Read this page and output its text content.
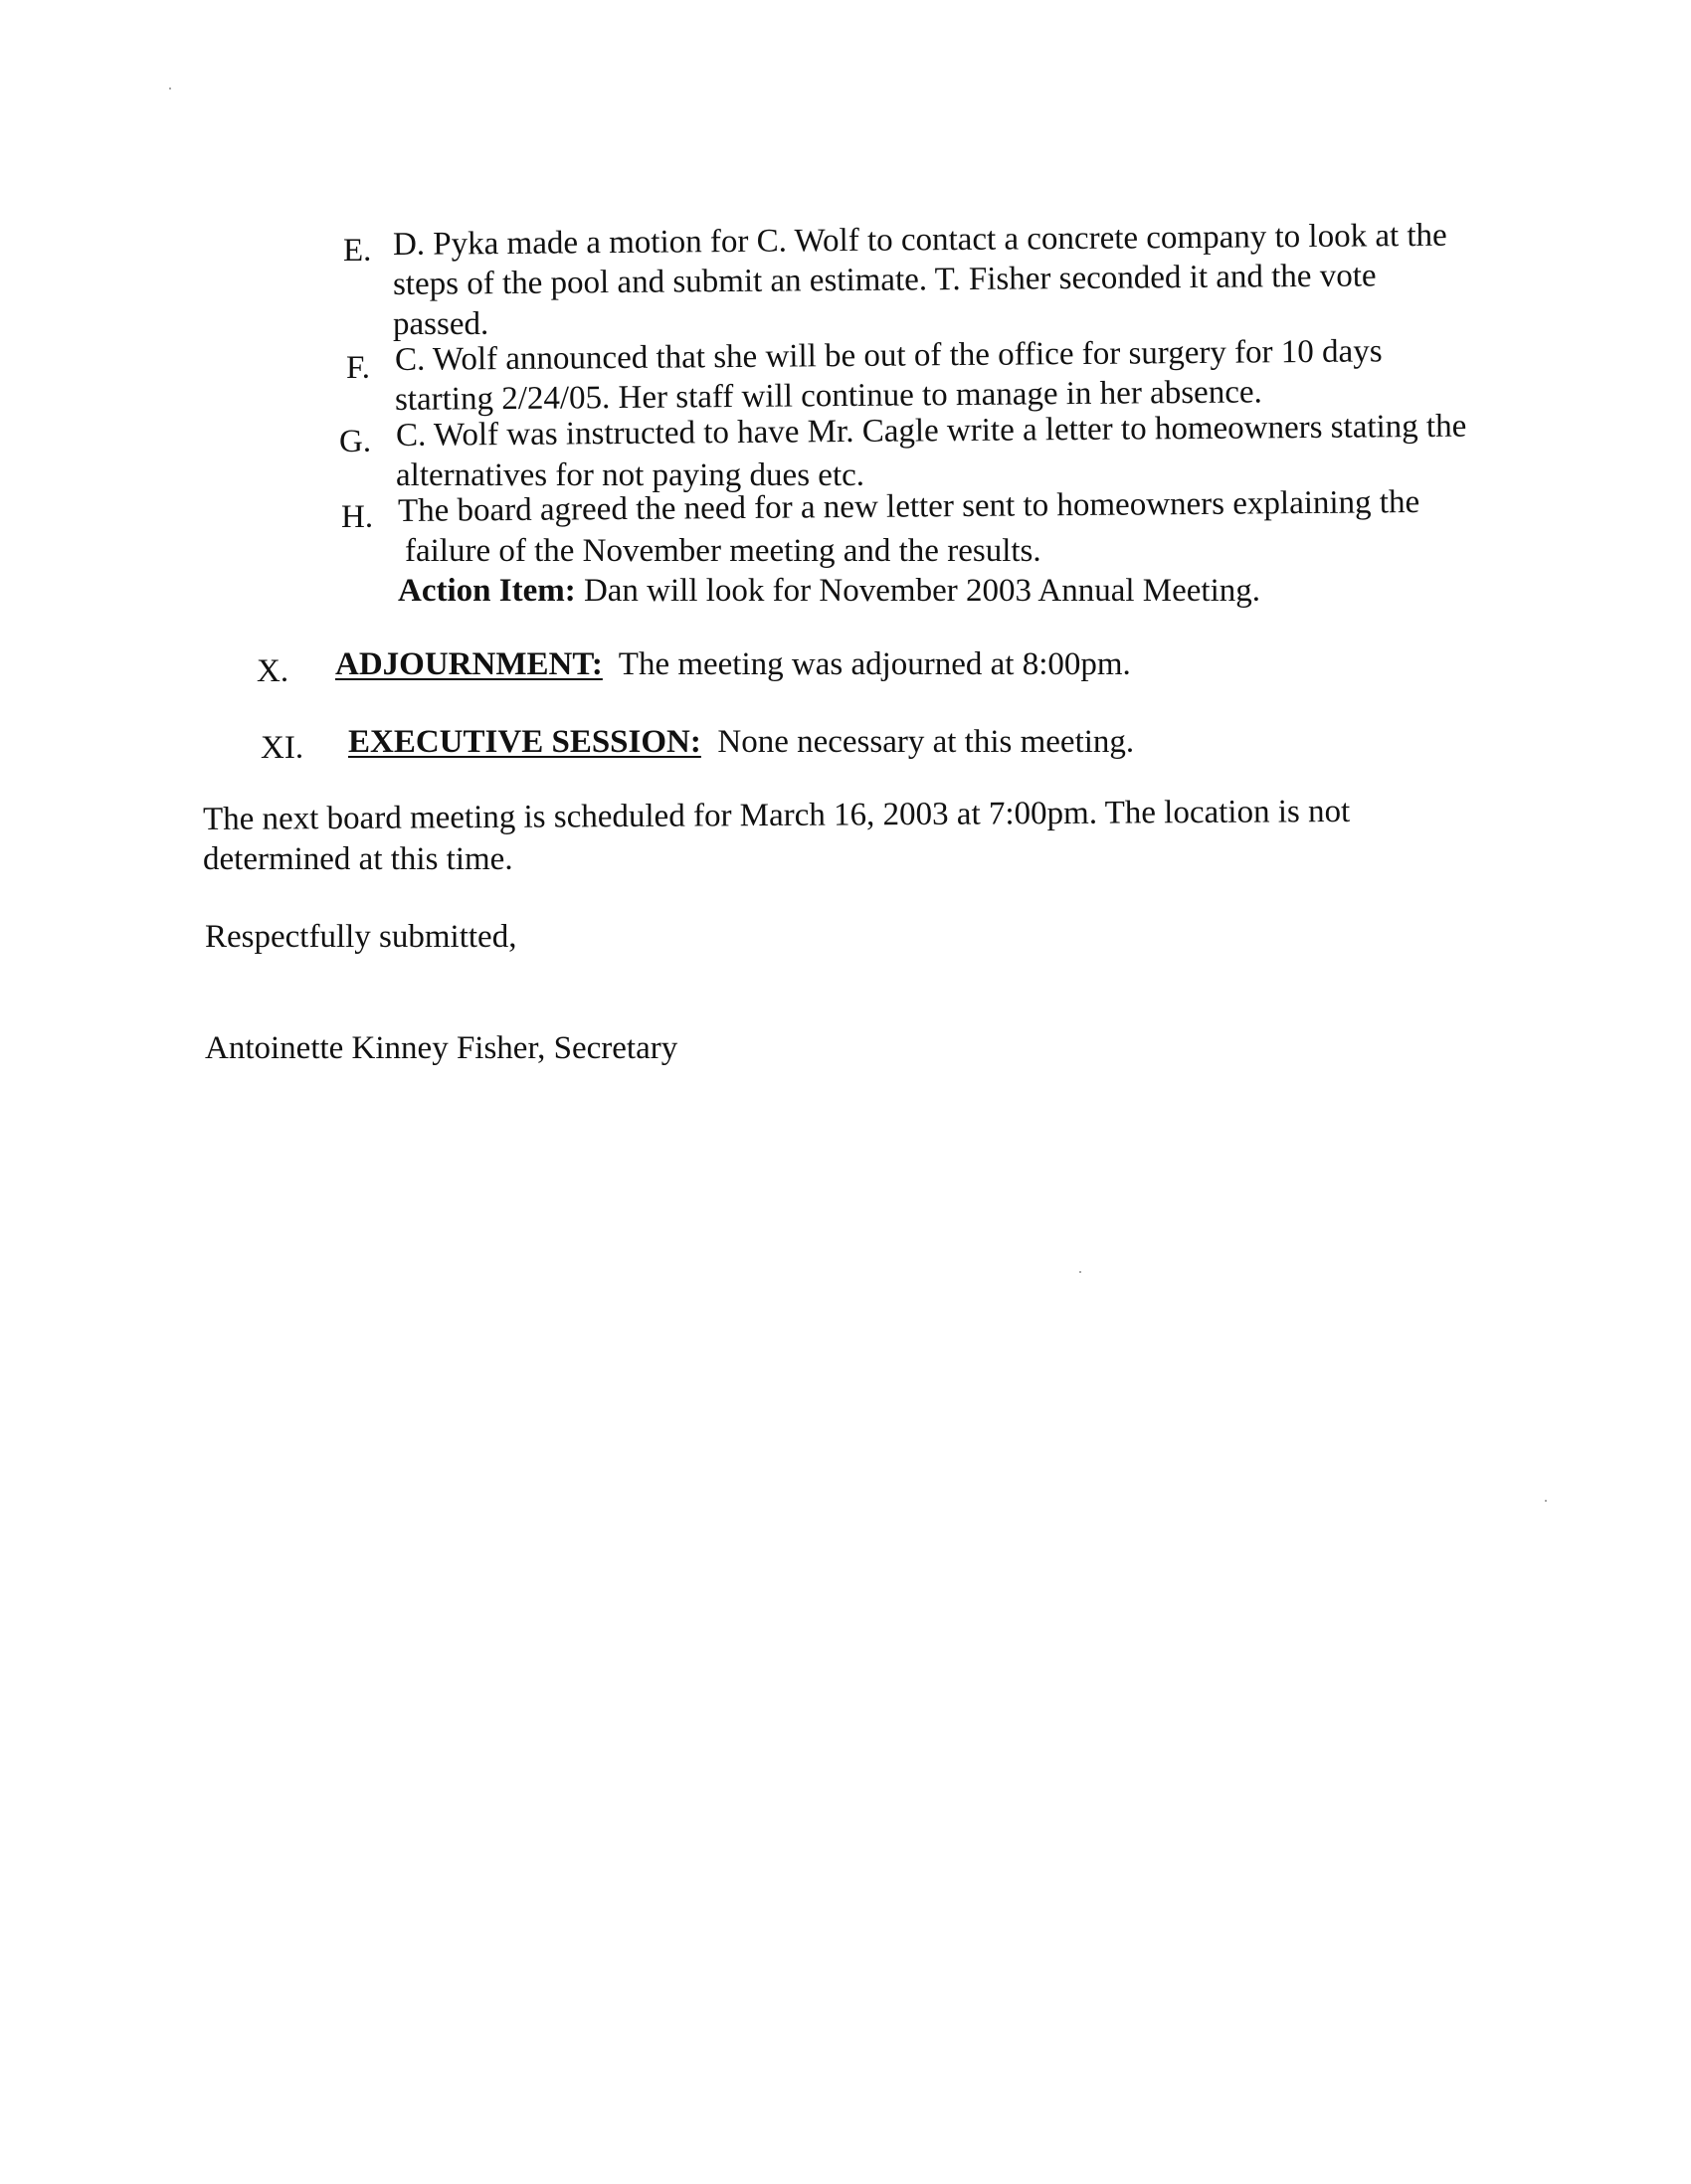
E. D. Pyka made a motion for C. Wolf to contact a concrete company to look at the
steps of the pool and submit an estimate. T. Fisher seconded it and the vote
passed.
F. C. Wolf announced that she will be out of the office for surgery for 10 days
starting 2/24/05. Her staff will continue to manage in her absence.
G. C. Wolf was instructed to have Mr. Cagle write a letter to homeowners stating the
alternatives for not paying dues etc.
H. The board agreed the need for a new letter sent to homeowners explaining the
failure of the November meeting and the results.
Action Item: Dan will look for November 2003 Annual Meeting.
X. ADJOURNMENT: The meeting was adjourned at 8:00pm.
XI. EXECUTIVE SESSION: None necessary at this meeting.
The next board meeting is scheduled for March 16, 2003 at 7:00pm. The location is not
determined at this time.
Respectfully submitted,
Antoinette Kinney Fisher, Secretary
